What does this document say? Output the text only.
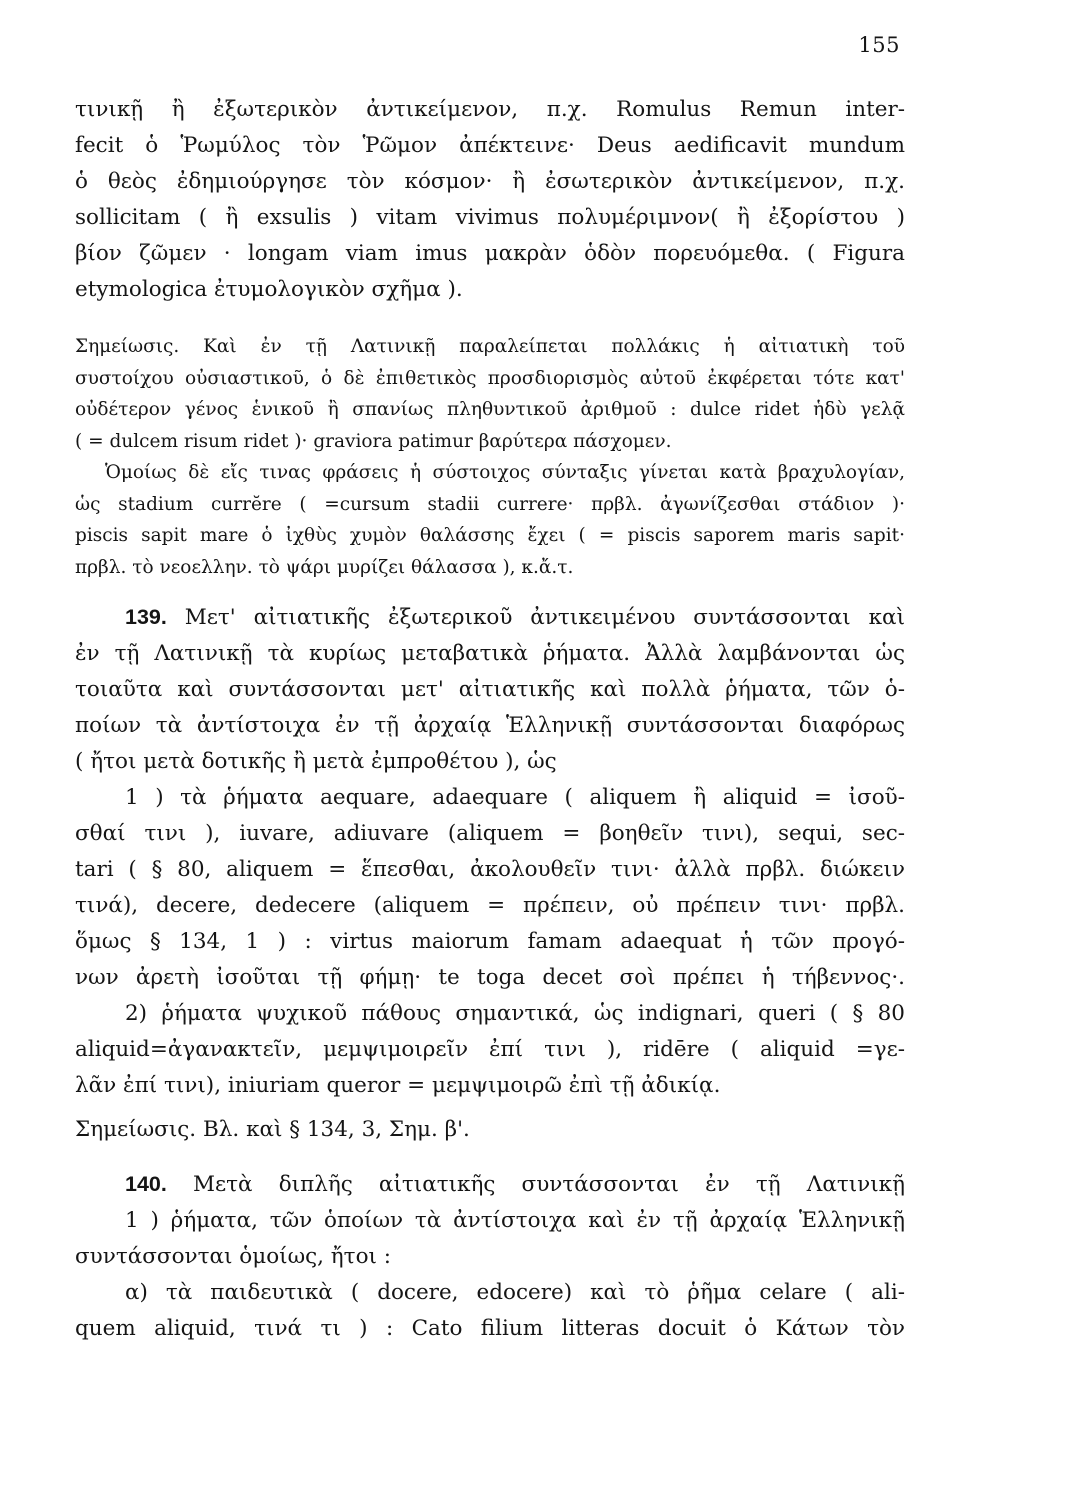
155
τινικῇ ἢ ἐξωτερικὸν ἀντικείμενον, π.χ. Romulus Remun inter-
fecit ὁ Ῥωμύλος τὸν Ῥῶμον ἀπέκτεινε· Deus aedificavit mundum
ὁ θεὸς ἐδημιούργησε τὸν κόσμον· ἢ ἐσωτερικὸν ἀντικείμενον, π.χ.
sollicitam ( ἢ exsulis ) vitam vivimus πολυμέριμνον( ἢ ἐξορίστου )
βίον ζῶμεν · longam viam imus μακρὰν ὁδὸν πορευόμεθα. ( Figura
etymologica ἐτυμολογικὸν σχῆμα ).
Σημείωσις. Καὶ ἐν τῇ Λατινικῇ παραλείπεται πολλάκις ἡ αἰτιατικὴ τοῦ
συστοίχου οὐσιαστικοῦ, ὁ δὲ ἐπιθετικὸς προσδιορισμὸς αὐτοῦ ἐκφέρεται τότε κατ'
οὐδέτερον γένος ἑνικοῦ ἢ σπανίως πληθυντικοῦ ἀριθμοῦ : dulce ridet ἡδὺ γελᾷ
( = dulcem risum ridet )· graviora patimur βαρύτερα πάσχομεν.
Ὁμοίως δὲ εἴς τινας φράσεις ἡ σύστοιχος σύνταξις γίνεται κατὰ βραχυλογίαν,
ὡς stadium currĕre ( =cursum stadii currere· πρβλ. ἀγωνίζεσθαι στάδιον )·
piscis sapit mare ὁ ἰχθὺς χυμὸν θαλάσσης ἔχει ( = piscis saporem maris sapit·
πρβλ. τὸ νεοελλην. τὸ ψάρι μυρίζει θάλασσα ), κ.ἄ.τ.
139. Μετ' αἰτιατικῆς ἐξωτερικοῦ ἀντικειμένου συντάσσονται καὶ
ἐν τῇ Λατινικῇ τὰ κυρίως μεταβατικὰ ῥήματα. Ἀλλὰ λαμβάνονται ὡς
τοιαῦτα καὶ συντάσσονται μετ' αἰτιατικῆς καὶ πολλὰ ῥήματα, τῶν ὁ-
ποίων τὰ ἀντίστοιχα ἐν τῇ ἀρχαίᾳ Ἑλληνικῇ συντάσσονται διαφόρως
( ἤτοι μετὰ δοτικῆς ἢ μετὰ ἐμπροθέτου ), ὡς
1 ) τὰ ῥήματα aequare, adaequare ( aliquem ἢ aliquid = ἰσοῦ-
σθαί τινι ), iuvare, adiuvare (aliquem = βοηθεῖν τινι), sequi, sec-
tari ( § 80, aliquem = ἕπεσθαι, ἀκολουθεῖν τινι· ἀλλὰ πρβλ. διώκειν
τινά), decere, dedecere (aliquem = πρέπειν, οὐ πρέπειν τινι· πρβλ.
ὅμως § 134, 1 ) : virtus maiorum famam adaequat ἡ τῶν προγό-
νων ἀρετὴ ἰσοῦται τῇ φήμῃ· te toga decet σοὶ πρέπει ἡ τήβεννος·.
2) ῥήματα ψυχικοῦ πάθους σημαντικά, ὡς indignari, queri ( § 80
aliquid=ἀγανακτεῖν, μεμψιμοιρεῖν ἐπί τινι ), ridēre ( aliquid =γε-
λᾶν ἐπί τινι), iniuriam queror = μεμψιμοιρῶ ἐπὶ τῇ ἀδικίᾳ.
Σημείωσις. Βλ. καὶ § 134, 3, Σημ. β'.
140. Μετὰ διπλῆς αἰτιατικῆς συντάσσονται ἐν τῇ Λατινικῇ
1 ) ῥήματα, τῶν ὁποίων τὰ ἀντίστοιχα καὶ ἐν τῇ ἀρχαίᾳ Ἑλληνικῇ
συντάσσονται ὁμοίως, ἤτοι :
α) τὰ παιδευτικὰ ( docere, edocere) καὶ τὸ ῥῆμα celare ( ali-
quem aliquid, τινά τι ) : Cato filium litteras docuit ὁ Κάτων τὸν
